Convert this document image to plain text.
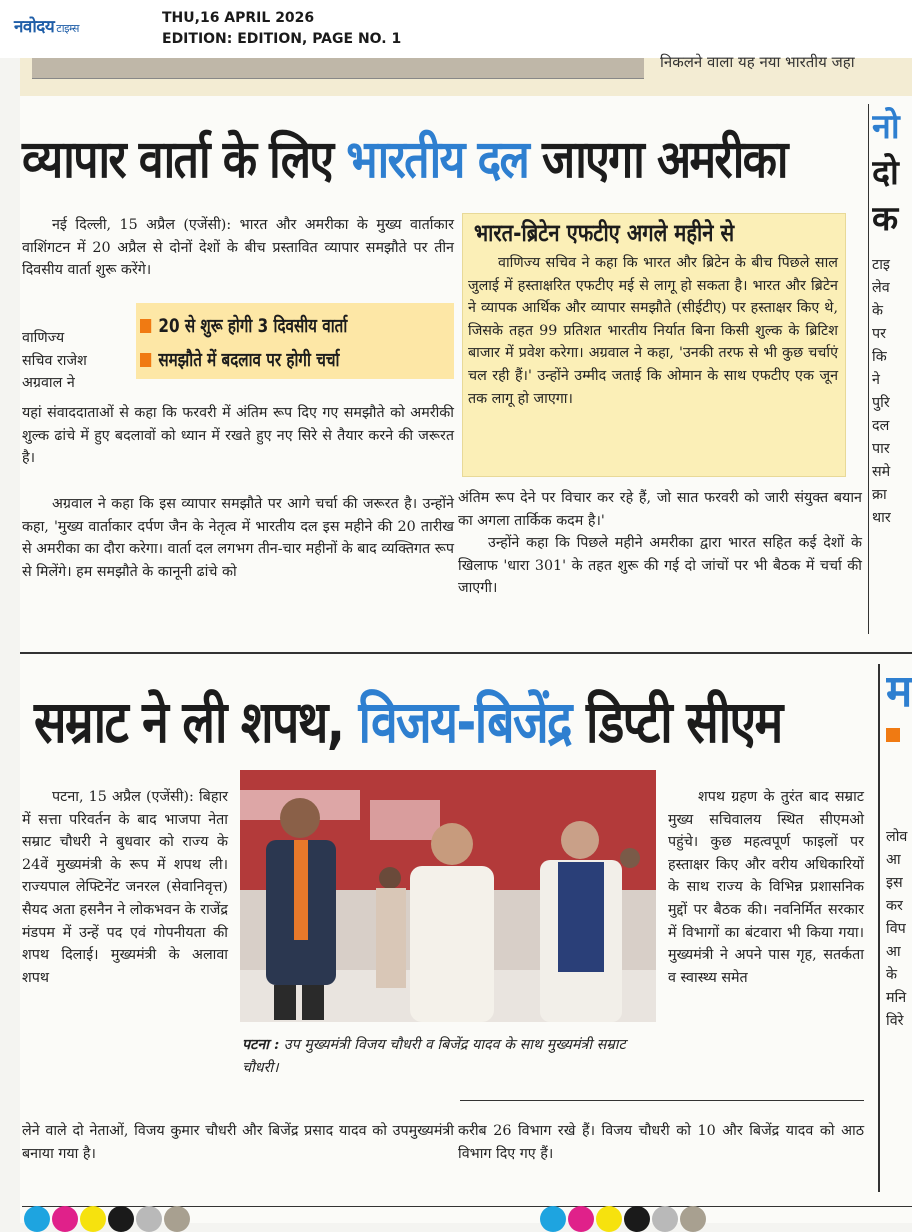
नवोदय टाइम्स
THU,16 APRIL 2026
EDITION: EDITION, PAGE NO. 1
निकलने वाला यह नया भारतीय जहा
व्यापार वार्ता के लिए भारतीय दल जाएगा अमरीका

नई दिल्ली, 15 अप्रैल (एजेंसी): भारत और अमरीका के मुख्य वार्ताकार वाशिंगटन में 20 अप्रैल से दोनों देशों के बीच प्रस्तावित व्यापार समझौते पर तीन दिवसीय वार्ता शुरू करेंगे।

वाणिज्य

सचिव राजेश

अग्रवाल ने

20 से शुरू होगी 3 दिवसीय वार्ता
समझौते में बदलाव पर होगी चर्चा

यहां संवाददाताओं से कहा कि फरवरी में अंतिम रूप दिए गए समझौते को अमरीकी शुल्क ढांचे में हुए बदलावों को ध्यान में रखते हुए नए सिरे से तैयार करने की जरूरत है।

अग्रवाल ने कहा कि इस व्यापार समझौते पर आगे चर्चा की जरूरत है। उन्होंने कहा, 'मुख्य वार्ताकार दर्पण जैन के नेतृत्व में भारतीय दल इस महीने की 20 तारीख से अमरीका का दौरा करेगा। वार्ता दल लगभग तीन-चार महीनों के बाद व्यक्तिगत रूप से मिलेंगे। हम समझौते के कानूनी ढांचे को

भारत-ब्रिटेन एफटीए अगले महीने से

वाणिज्य सचिव ने कहा कि भारत और ब्रिटेन के बीच पिछले साल जुलाई में हस्ताक्षरित एफटीए मई से लागू हो सकता है। भारत और ब्रिटेन ने व्यापक आर्थिक और व्यापार समझौते (सीईटीए) पर हस्ताक्षर किए थे, जिसके तहत 99 प्रतिशत भारतीय निर्यात बिना किसी शुल्क के ब्रिटिश बाजार में प्रवेश करेगा। अग्रवाल ने कहा, 'उनकी तरफ से भी कुछ चर्चाएं चल रही हैं।' उन्होंने उम्मीद जताई कि ओमान के साथ एफटीए एक जून तक लागू हो जाएगा।

अंतिम रूप देने पर विचार कर रहे हैं, जो सात फरवरी को जारी संयुक्त बयान का अगला तार्किक कदम है।'

उन्होंने कहा कि पिछले महीने अमरीका द्वारा भारत सहित कई देशों के खिलाफ 'धारा 301' के तहत शुरू की गई दो जांचों पर भी बैठक में चर्चा की जाएगी।

नो
दो
क
टाइ
लेव
के
पर
कि
ने
पुरि
दल
पार
समे
क्रा
थार
सम्राट ने ली शपथ, विजय-बिजेंद्र डिप्टी सीएम

पटना, 15 अप्रैल (एजेंसी): बिहार में सत्ता परिवर्तन के बाद भाजपा नेता सम्राट चौधरी ने बुधवार को राज्य के 24वें मुख्यमंत्री के रूप में शपथ ली। राज्यपाल लेफ्टिनेंट जनरल (सेवानिवृत्त) सैयद अता हसनैन ने लोकभवन के राजेंद्र मंडपम में उन्हें पद एवं गोपनीयता की शपथ दिलाई। मुख्यमंत्री के अलावा शपथ

पटना : उप मुख्यमंत्री विजय चौधरी व बिजेंद्र यादव के साथ मुख्यमंत्री सम्राट चौधरी।

शपथ ग्रहण के तुरंत बाद सम्राट मुख्य सचिवालय स्थित सीएमओ पहुंचे। कुछ महत्वपूर्ण फाइलों पर हस्ताक्षर किए और वरीय अधिकारियों के साथ राज्य के विभिन्न प्रशासनिक मुद्दों पर बैठक की। नवनिर्मित सरकार में विभागों का बंटवारा भी किया गया। मुख्यमंत्री ने अपने पास गृह, सतर्कता व स्वास्थ्य समेत

लेने वाले दो नेताओं, विजय कुमार चौधरी और बिजेंद्र प्रसाद यादव को उपमुख्यमंत्री बनाया गया है।

करीब 26 विभाग रखे हैं। विजय चौधरी को 10 और बिजेंद्र यादव को आठ विभाग दिए गए हैं।

म
लोव
आ
इस
कर
विप
आ
के
मनि
विरे
